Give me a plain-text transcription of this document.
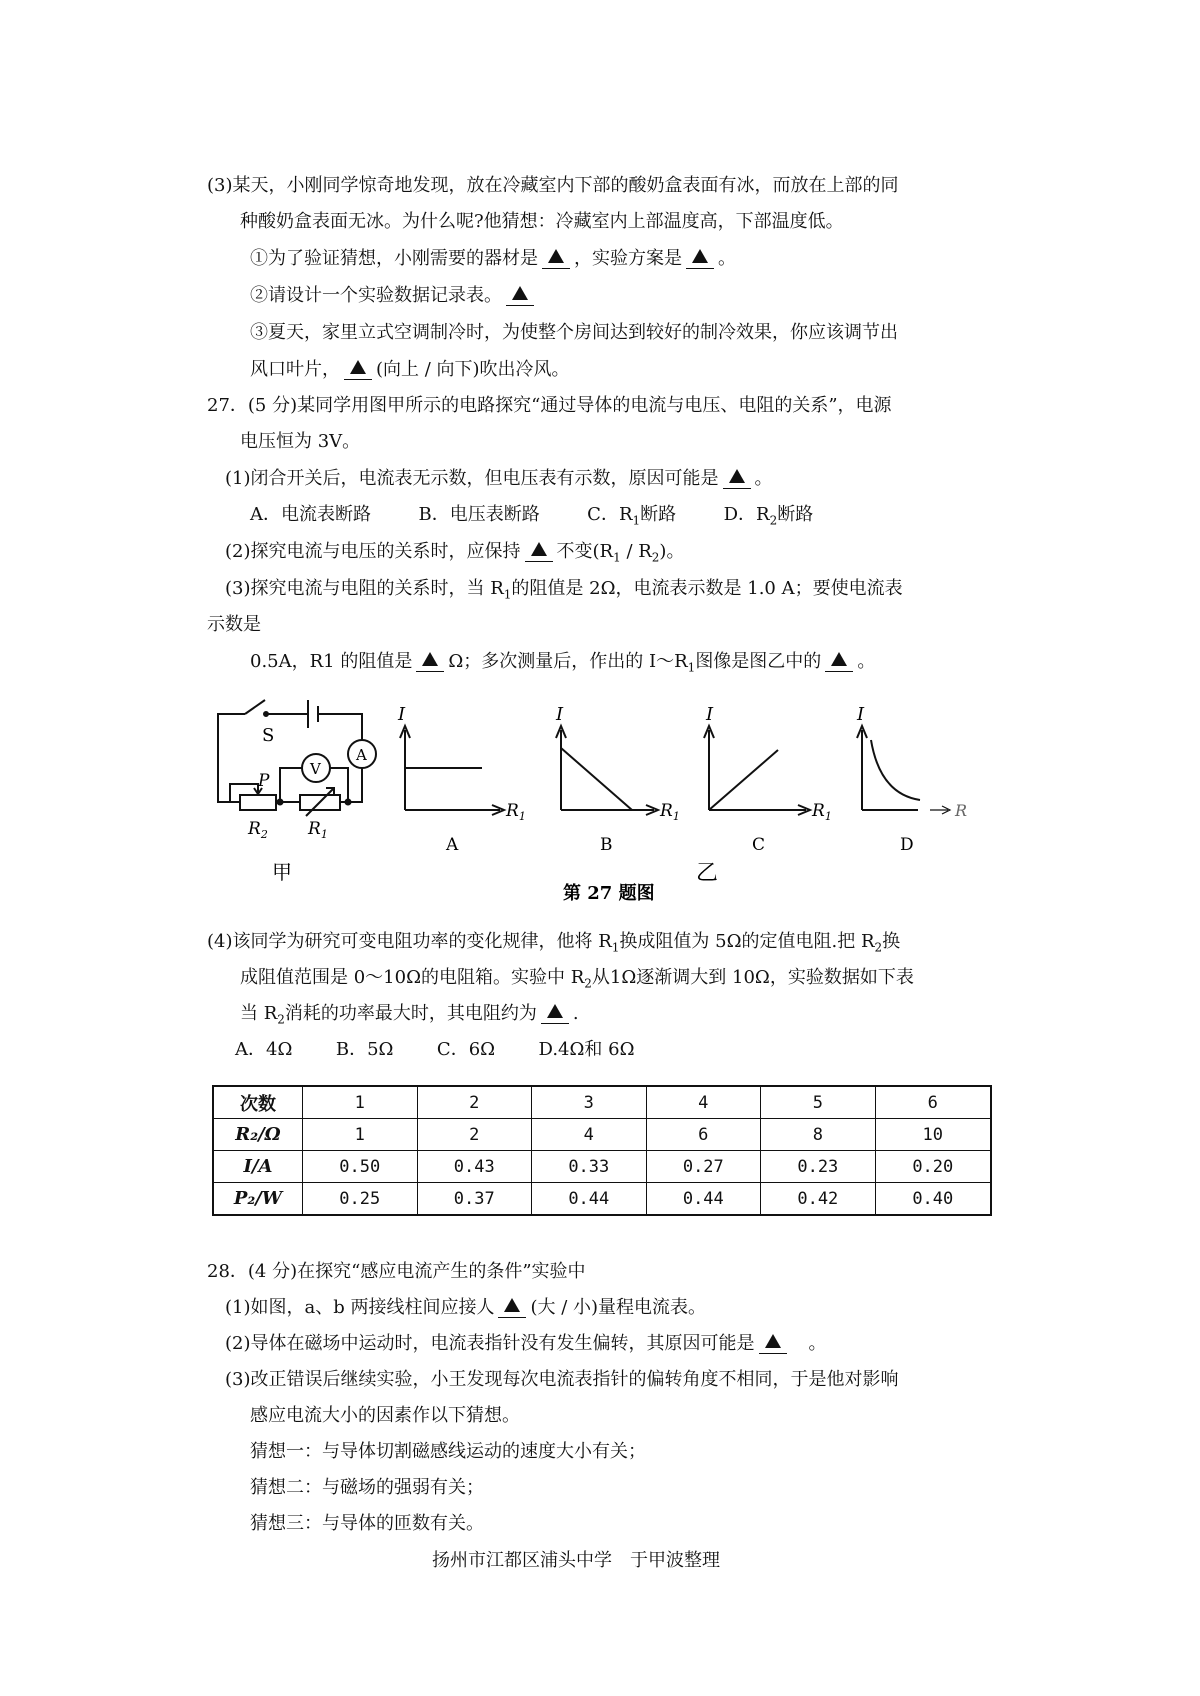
(3)某天，小刚同学惊奇地发现，放在冷藏室内下部的酸奶盒表面有冰，而放在上部的同
种酸奶盒表面无冰。为什么呢?他猜想：冷藏室内上部温度高，下部温度低。
①为了验证猜想，小刚需要的器材是 ，实验方案是 。
②请设计一个实验数据记录表。
③夏天，家里立式空调制冷时，为使整个房间达到较好的制冷效果，你应该调节出
风口叶片， (向上 / 向下)吹出冷风。
27．(5 分)某同学用图甲所示的电路探究“通过导体的电流与电压、电阻的关系”，电源
电压恒为 3V。
(1)闭合开关后，电流表无示数，但电压表有示数，原因可能是 。
A．电流表断路	B．电压表断路	C．$R_1$断路	D．$R_2$断路
(2)探究电流与电压的关系时，应保持 不变$(R_1 / R_2)$。
(3)探究电流与电阻的关系时，当 $R_1$的阻值是 2Ω，电流表示数是 1.0 A；要使电流表
示数是
0.5A，R1 的阻值是 Ω；多次测量后，作出的 $I\sim R_1$图像是图乙中的 。
S
A
V
P
$R_2$ $R_1$
甲
I
$R_1$
A
I
$R_1$
B
I
$R_1$
C
乙
I
R
D
第 27 题图
(4)该同学为研究可变电阻功率的变化规律，他将 $R_1$换成阻值为 5Ω的定值电阻.把 $R_2$换
成阻值范围是 0～10Ω的电阻箱。实验中 $R_2$从1Ω逐渐调大到 10Ω，实验数据如下表
当 $R_2$消耗的功率最大时，其电阻约为 .
A．4Ω B．5Ω C．6Ω D.4Ω和 6Ω
次数	1	2	3	4	5	6
R₂/Ω	1	2	4	6	8	10
I/A	0.50	0.43	0.33	0.27	0.23	0.20
P₂/W	0.25	0.37	0.44	0.44	0.42	0.40
28．(4 分)在探究“感应电流产生的条件”实验中
(1)如图，a、b 两接线柱间应接人 (大 / 小)量程电流表。
(2)导体在磁场中运动时，电流表指针没有发生偏转，其原因可能是	。
(3)改正错误后继续实验，小王发现每次电流表指针的偏转角度不相同，于是他对影响
感应电流大小的因素作以下猜想。
猜想一：与导体切割磁感线运动的速度大小有关；
猜想二：与磁场的强弱有关；
猜想三：与导体的匝数有关。
扬州市江都区浦头中学　于甲波整理
